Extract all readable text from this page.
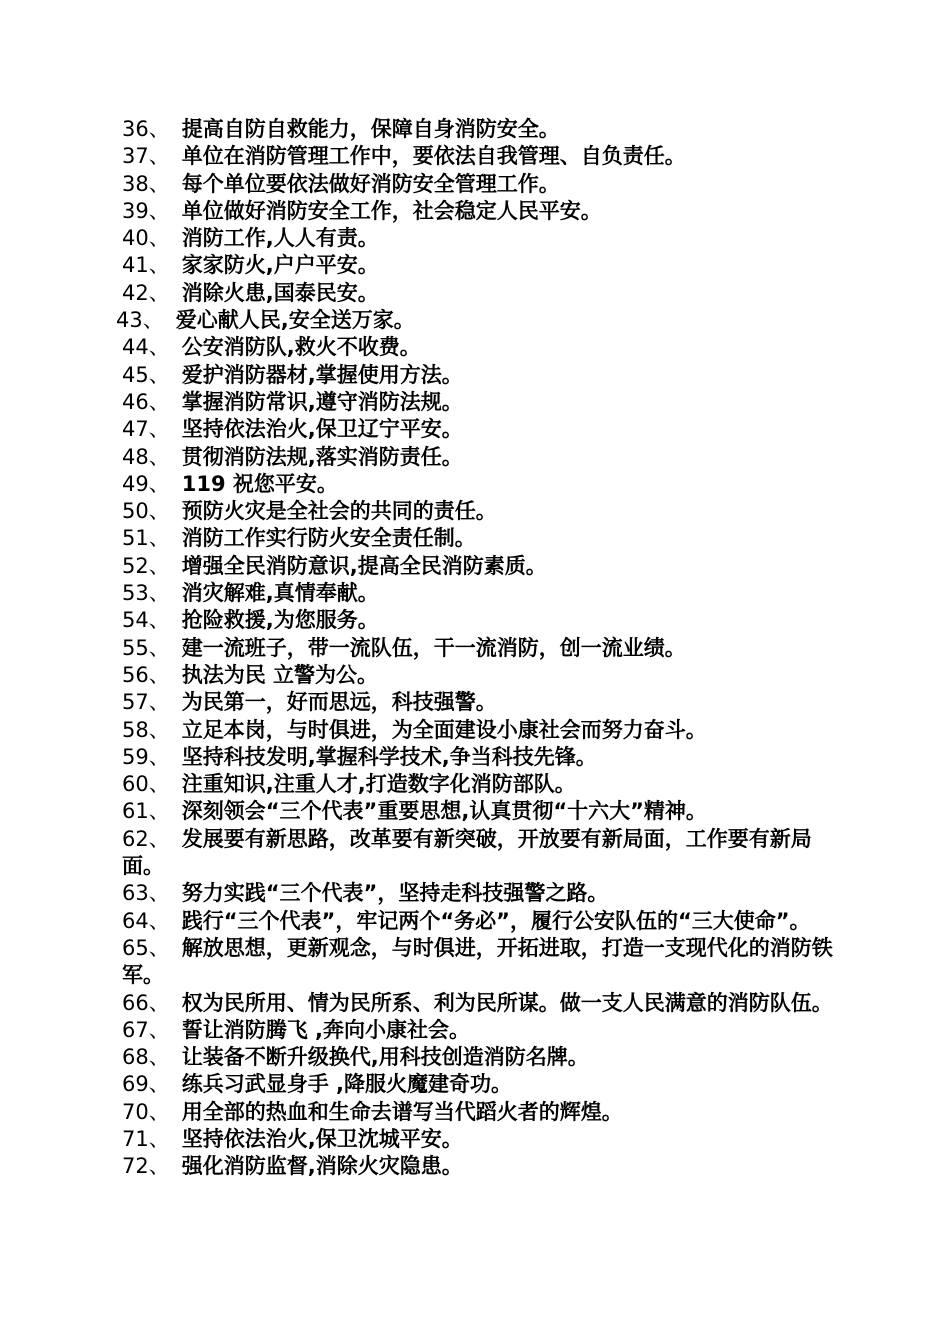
36、 提高自防自救能力，保障自身消防安全。
37、 单位在消防管理工作中，要依法自我管理、自负责任。
38、 每个单位要依法做好消防安全管理工作。
39、 单位做好消防安全工作，社会稳定人民平安。
40、 消防工作,人人有责。
41、 家家防火,户户平安。
42、 消除火患,国泰民安。
43、 爱心献人民,安全送万家。
44、 公安消防队,救火不收费。
45、 爱护消防器材,掌握使用方法。
46、 掌握消防常识,遵守消防法规。
47、 坚持依法治火,保卫辽宁平安。
48、 贯彻消防法规,落实消防责任。
49、 119 祝您平安。
50、 预防火灾是全社会的共同的责任。
51、 消防工作实行防火安全责任制。
52、 增强全民消防意识,提高全民消防素质。
53、 消灾解难,真情奉献。
54、 抢险救援,为您服务。
55、 建一流班子，带一流队伍，干一流消防，创一流业绩。
56、 执法为民 立警为公。
57、 为民第一，好而思远，科技强警。
58、 立足本岗，与时俱进，为全面建设小康社会而努力奋斗。
59、 坚持科技发明,掌握科学技术,争当科技先锋。
60、 注重知识,注重人才,打造数字化消防部队。
61、 深刻领会“三个代表”重要思想,认真贯彻“十六大”精神。
62、 发展要有新思路，改革要有新突破，开放要有新局面，工作要有新局面。
63、 努力实践“三个代表”，坚持走科技强警之路。
64、 践行“三个代表”，牢记两个“务必”，履行公安队伍的“三大使命”。
65、 解放思想，更新观念，与时俱进，开拓进取，打造一支现代化的消防铁军。
66、 权为民所用、情为民所系、利为民所谋。做一支人民满意的消防队伍。
67、 誓让消防腾飞 ,奔向小康社会。
68、 让装备不断升级换代,用科技创造消防名牌。
69、 练兵习武显身手 ,降服火魔建奇功。
70、 用全部的热血和生命去谱写当代蹈火者的辉煌。
71、 坚持依法治火,保卫沈城平安。
72、 强化消防监督,消除火灾隐患。
